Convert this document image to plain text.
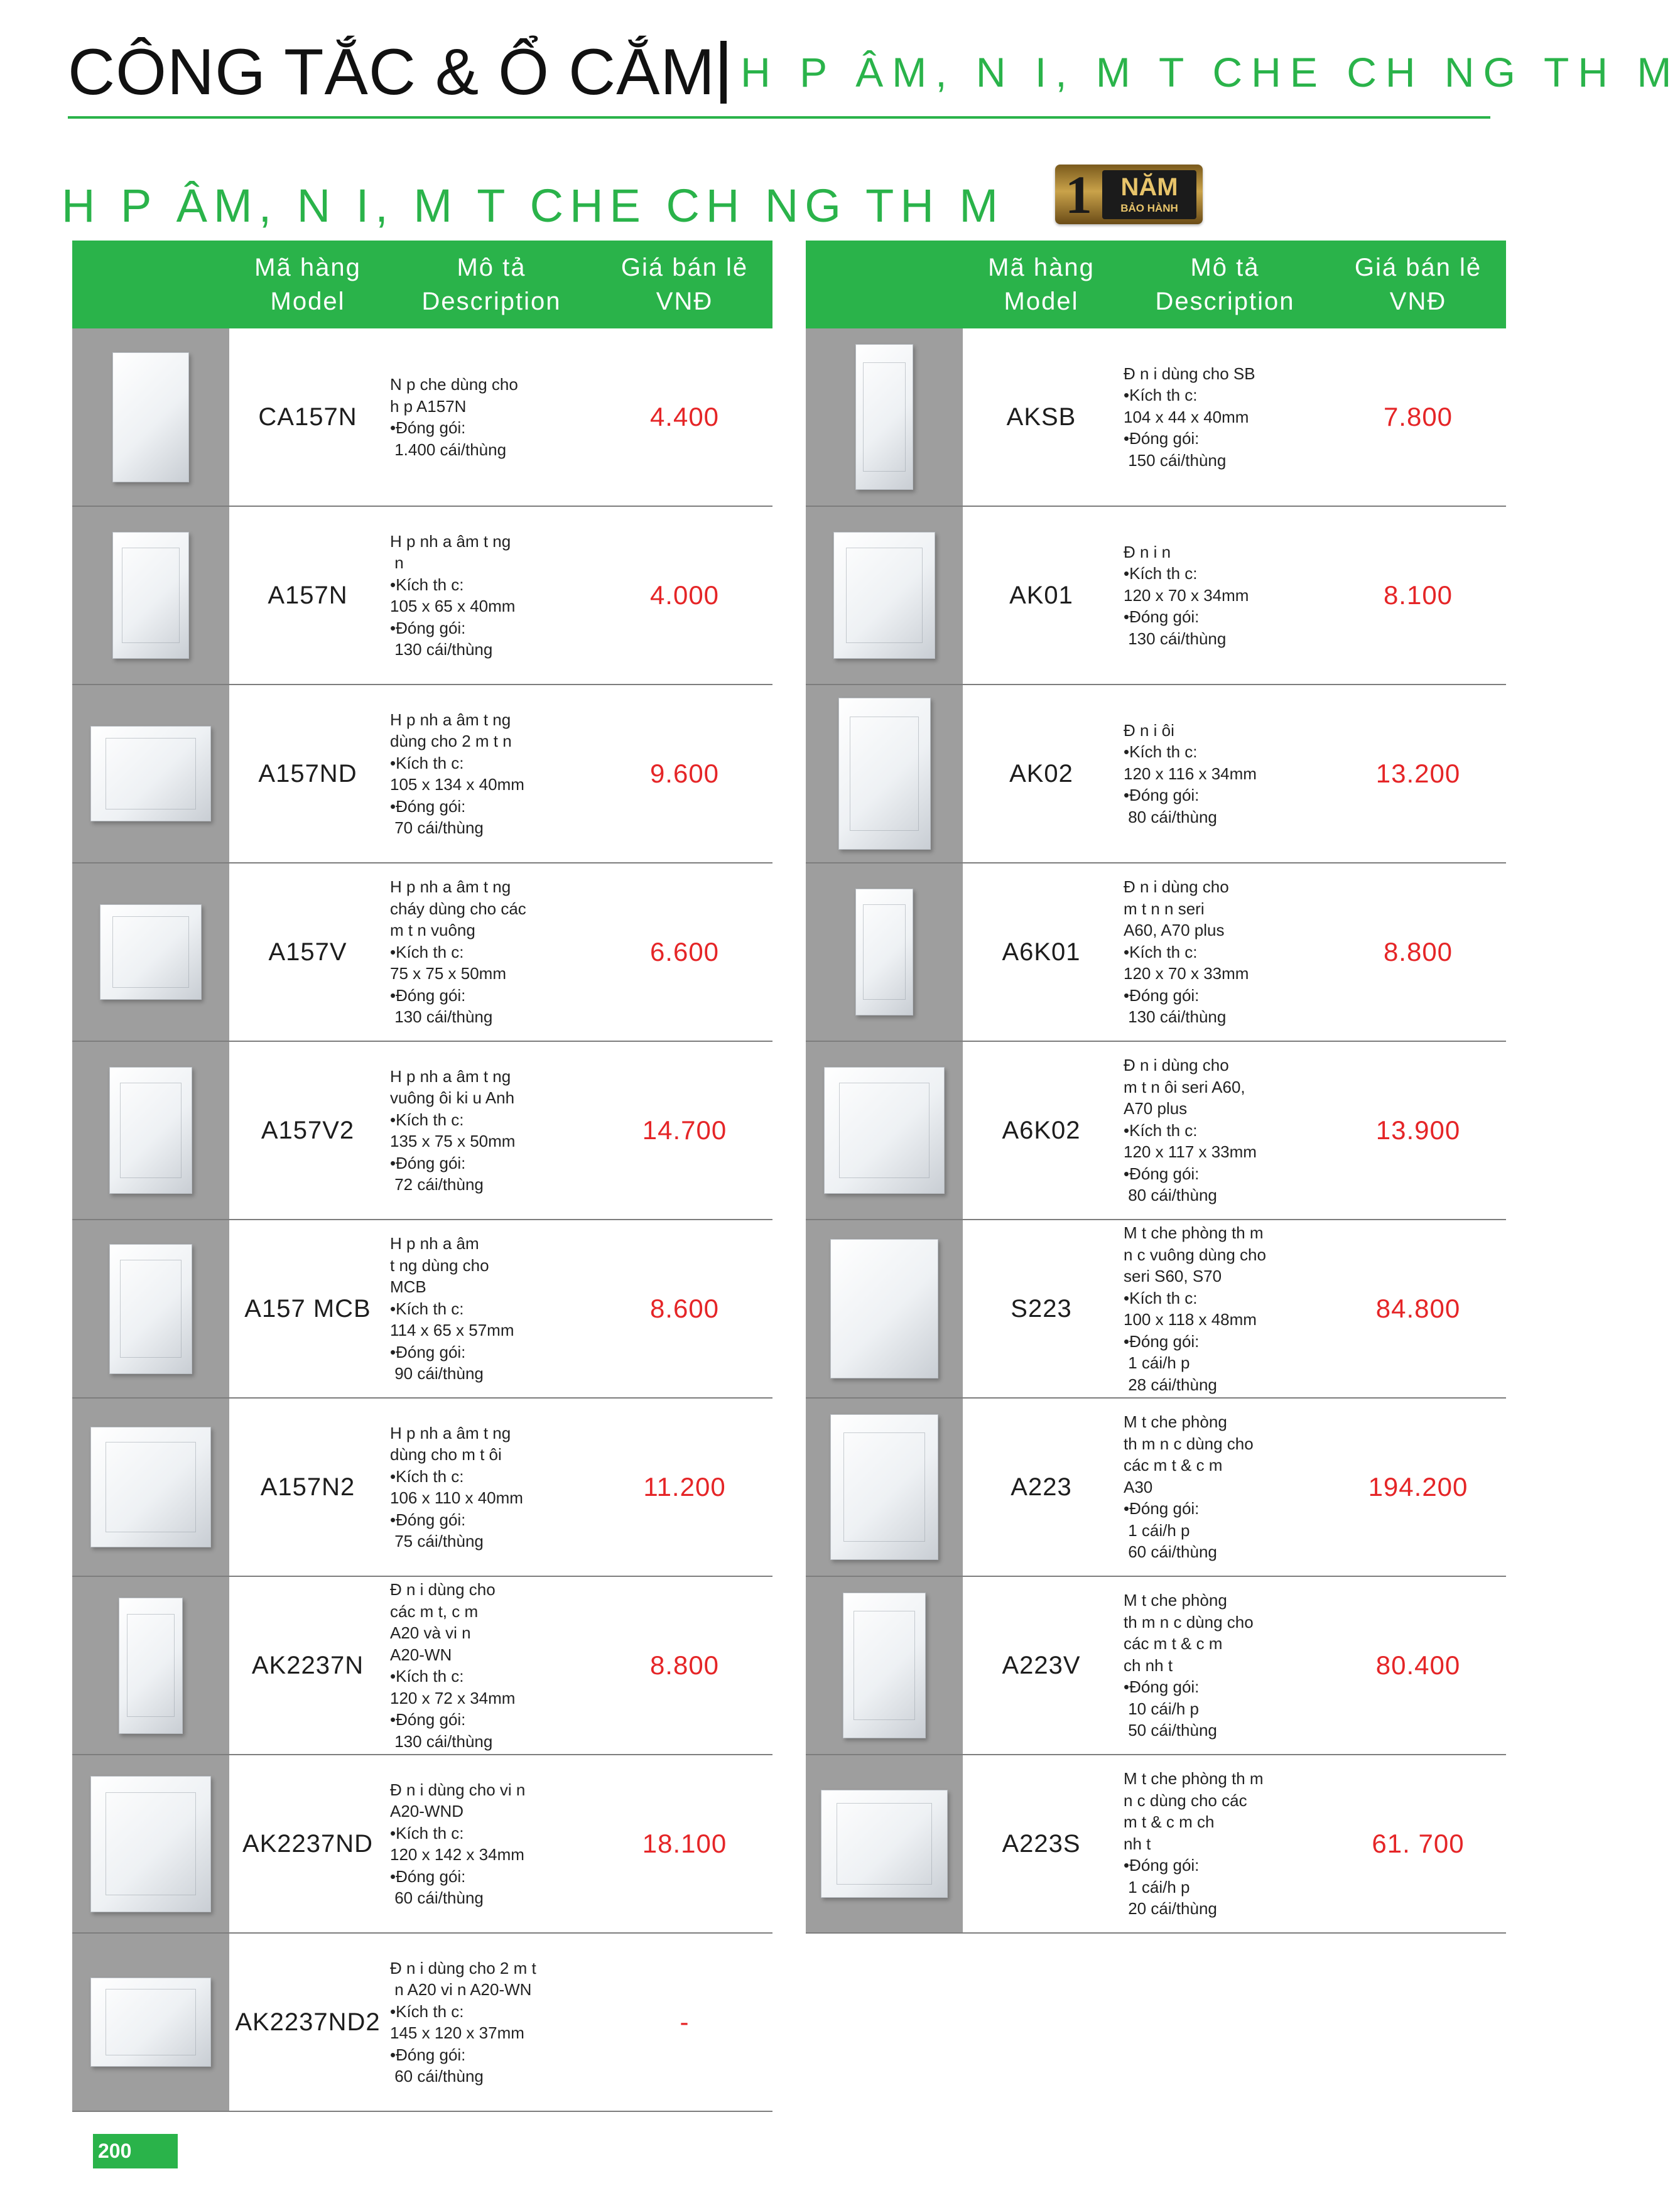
CÔNG TẮC & Ổ CẮM H P ÂM, N I, M T CHE CH NG TH M
H P ÂM, N I, M T CHE CH NG TH M 1	NĂM
BẢO HÀNH
Mã hàng
Model
Mô tả
Description
Giá bán lẻ
VNĐ
CA157N
N p che dùng cho
h p A157N
•Đóng gói:
1.400 cái/thùng
4.400
A157N
H p nh a âm t ng
n
•Kích th c:
105 x 65 x 40mm
•Đóng gói:
130 cái/thùng
4.000
A157ND
H p nh a âm t ng
dùng cho 2 m t n
•Kích th c:
105 x 134 x 40mm
•Đóng gói:
70 cái/thùng
9.600
A157V
H p nh a âm t ng
cháy dùng cho các
m t n vuông
•Kích th c:
75 x 75 x 50mm
•Đóng gói:
130 cái/thùng
6.600
A157V2
H p nh a âm t ng
vuông ôi ki u Anh
•Kích th c:
135 x 75 x 50mm
•Đóng gói:
72 cái/thùng
14.700
A157 MCB
H p nh a âm
t ng dùng cho
MCB
•Kích th c:
114 x 65 x 57mm
•Đóng gói:
90 cái/thùng
8.600
A157N2
H p nh a âm t ng
dùng cho m t ôi
•Kích th c:
106 x 110 x 40mm
•Đóng gói:
75 cái/thùng
11.200
AK2237N
Đ n i dùng cho
các m t, c m
A20 và vi n
A20-WN
•Kích th c:
120 x 72 x 34mm
•Đóng gói:
130 cái/thùng
8.800
AK2237ND
Đ n i dùng cho vi n
A20-WND
•Kích th c:
120 x 142 x 34mm
•Đóng gói:
60 cái/thùng
18.100
AK2237ND2
Đ n i dùng cho 2 m t
n A20 vi n A20-WN
•Kích th c:
145 x 120 x 37mm
•Đóng gói:
60 cái/thùng
-
Mã hàng
Model
Mô tả
Description
Giá bán lẻ
VNĐ
AKSB
Đ n i dùng cho SB
•Kích th c:
104 x 44 x 40mm
•Đóng gói:
150 cái/thùng
7.800
AK01
Đ n i n
•Kích th c:
120 x 70 x 34mm
•Đóng gói:
130 cái/thùng
8.100
AK02
Đ n i ôi
•Kích th c:
120 x 116 x 34mm
•Đóng gói:
80 cái/thùng
13.200
A6K01
Đ n i dùng cho
m t n n seri
A60, A70 plus
•Kích th c:
120 x 70 x 33mm
•Đóng gói:
130 cái/thùng
8.800
A6K02
Đ n i dùng cho
m t n ôi seri A60,
A70 plus
•Kích th c:
120 x 117 x 33mm
•Đóng gói:
80 cái/thùng
13.900
S223
M t che phòng th m
n c vuông dùng cho
seri S60, S70
•Kích th c:
100 x 118 x 48mm
•Đóng gói:
1 cái/h p
28 cái/thùng
84.800
A223
M t che phòng
th m n c dùng cho
các m t & c m
A30
•Đóng gói:
1 cái/h p
60 cái/thùng
194.200
A223V
M t che phòng
th m n c dùng cho
các m t & c m
ch nh t
•Đóng gói:
10 cái/h p
50 cái/thùng
80.400
A223S
M t che phòng th m
n c dùng cho các
m t & c m ch
nh t
•Đóng gói:
1 cái/h p
20 cái/thùng
61. 700
200
